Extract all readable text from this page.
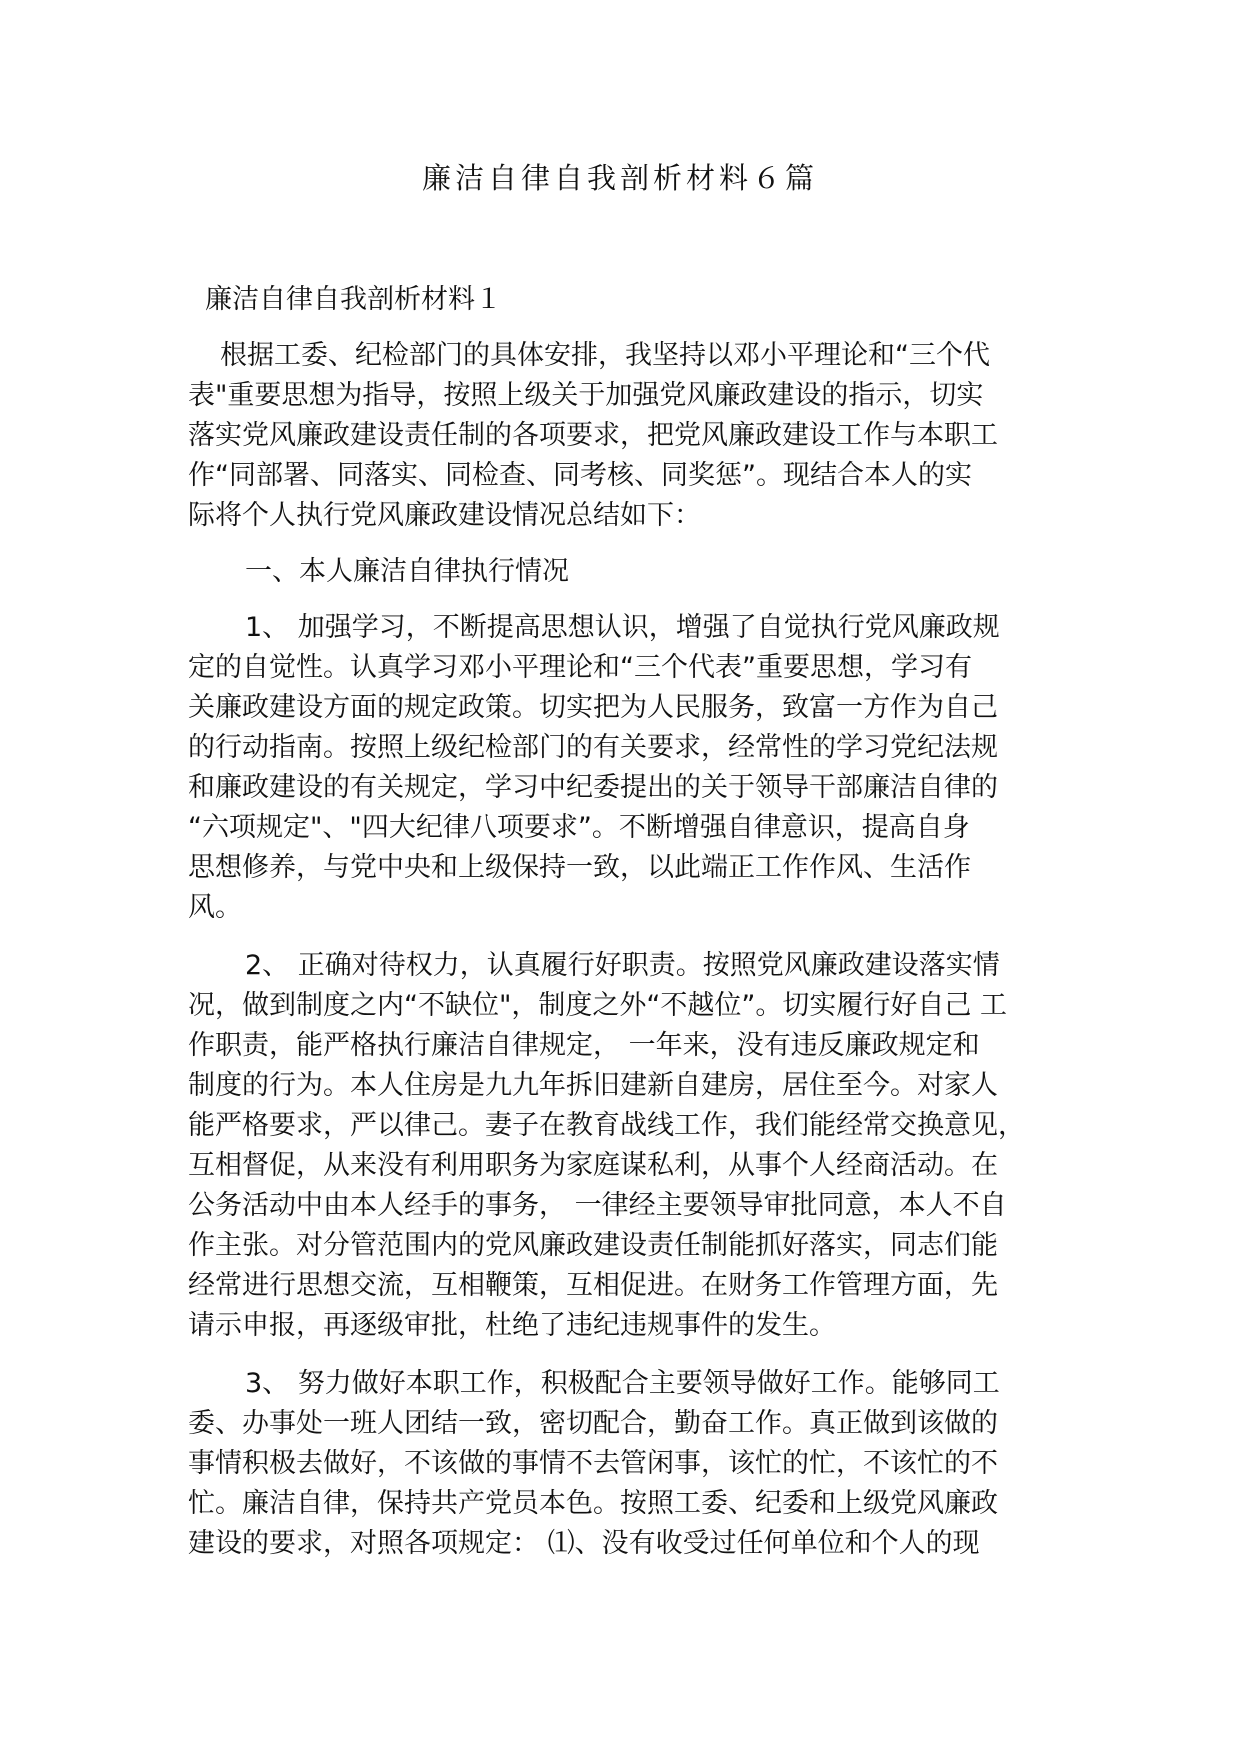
廉洁自律自我剖析材料６篇
廉洁自律自我剖析材料１
根据工委、纪检部门的具体安排，我坚持以邓小平理论和“三个代
表"重要思想为指导，按照上级关于加强党风廉政建设的指示，切实
落实党风廉政建设责任制的各项要求，把党风廉政建设工作与本职工
作“同部署、同落实、同检查、同考核、同奖惩”。现结合本人的实
际将个人执行党风廉政建设情况总结如下：
一、本人廉洁自律执行情况
1、 加强学习，不断提高思想认识，增强了自觉执行党风廉政规
定的自觉性。认真学习邓小平理论和“三个代表”重要思想，学习有
关廉政建设方面的规定政策。切实把为人民服务，致富一方作为自己
的行动指南。按照上级纪检部门的有关要求，经常性的学习党纪法规
和廉政建设的有关规定，学习中纪委提出的关于领导干部廉洁自律的
“六项规定"、"四大纪律八项要求”。不断增强自律意识，提高自身
思想修养，与党中央和上级保持一致，以此端正工作作风、生活作
风。
2、 正确对待权力，认真履行好职责。按照党风廉政建设落实情
况，做到制度之内“不缺位"，制度之外“不越位”。切实履行好自己 工
作职责，能严格执行廉洁自律规定， 一年来，没有违反廉政规定和
制度的行为。本人住房是九九年拆旧建新自建房，居住至今。对家人
能严格要求，严以律己。妻子在教育战线工作，我们能经常交换意见，
互相督促，从来没有利用职务为家庭谋私利，从事个人经商活动。在
公务活动中由本人经手的事务， 一律经主要领导审批同意，本人不自
作主张。对分管范围内的党风廉政建设责任制能抓好落实，同志们能
经常进行思想交流，互相鞭策，互相促进。在财务工作管理方面，先
请示申报，再逐级审批，杜绝了违纪违规事件的发生。
3、 努力做好本职工作，积极配合主要领导做好工作。能够同工
委、办事处一班人团结一致，密切配合，勤奋工作。真正做到该做的
事情积极去做好，不该做的事情不去管闲事，该忙的忙，不该忙的不
忙。廉洁自律，保持共产党员本色。按照工委、纪委和上级党风廉政
建设的要求，对照各项规定： ⑴、没有收受过任何单位和个人的现
